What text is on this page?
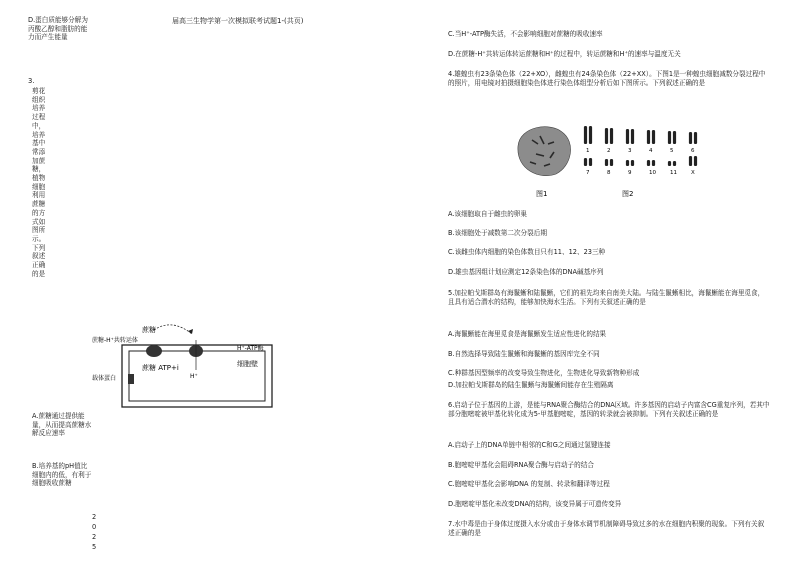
届高三生物学第一次模拟联考试题1-(共页)
D.蛋白质能够分解为丙酸乙醇和脂肪的能力而产生能量
3.
剪花组织培养过程中，培养基中常添加蔗糖，植物细胞利用蔗糖的方式如图所示。下列叙述正确的是
蔗糖
蔗糖-H⁺共转运体
H⁺-ATP酶
蔗糖 ATP+i
H⁺
细胞壁
载体蛋白
A.蔗糖通过提供能量，从而提高蔗糖水解反应速率
B.培养基的pH值比细胞内的低，有利于细胞吸收蔗糖
2
0
2
5
C.当H⁺-ATP酶失活，不会影响细胞对蔗糖的吸收速率
D.在蔗糖-H⁺共转运体转运蔗糖和H⁺的过程中，转运蔗糖和H⁺的速率与温度无关
4.雄蝗虫有23条染色体（22+XO），雌蝗虫有24条染色体（22+XX）。下图1是一种蝗虫细胞减数分裂过程中的照片，用电镜对拍摄细胞染色体进行染色体组型分析后如下图所示。下列叙述正确的是
1	2	3	4	5	6
7	8	9	10	11	X
图1	图2
A.该细胞取自于雌虫的卵巢
B.该细胞处于减数第二次分裂后期
C.该雌虫体内细胞的染色体数目只有11、12、23三种
D.雄虫基因组计划应测定12条染色体的DNA碱基序列
5.加拉帕戈斯群岛有海鬣蜥和陆鬣蜥，它们的祖先均来自南美大陆。与陆生鬣蜥相比，海鬣蜥能在海里觅食，且具有适合潜水的结构，能够加快海水生活。下列有关叙述正确的是
A.海鬣蜥能在海里觅食是海鬣蜥发生适应性进化的结果
B.自然选择导致陆生鬣蜥和海鬣蜥的基因库完全不同
C.种群基因型频率的改变导致生物进化，生物进化导致新物种形成
D.加拉帕戈斯群岛的陆生鬣蜥与海鬣蜥间能存在生殖隔离
6.启动子位于基因的上游，是能与RNA聚合酶结合的DNA区域。许多基因的启动子内富含CG重复序列，若其中部分胞嘧啶被甲基化转化成为5-甲基胞嘧啶，基因的转录就会被抑制。下列有关叙述正确的是
A.启动子上的DNA单链中相邻的C和G之间通过氢键连接
B.胞嘧啶甲基化会阻碍RNA聚合酶与启动子的结合
C.胞嘧啶甲基化会影响DNA 的复制、转录和翻译等过程
D.胞嘧啶甲基化未改变DNA的结构，该变异属于可遗传变异
7.水中毒是由于身体过度摄入水分或由于身体水调节机制障碍导致过多的水在细胞内积聚的现象。下列有关叙述正确的是
